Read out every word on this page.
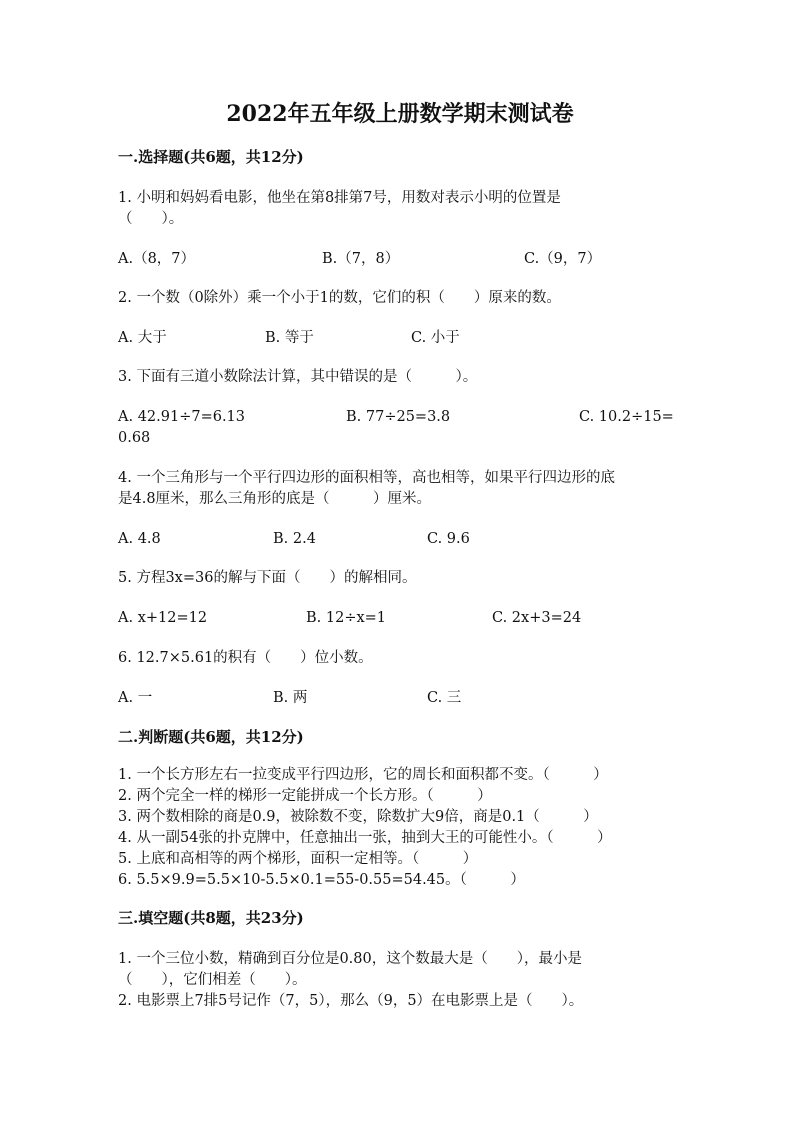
2022年五年级上册数学期末测试卷
一.选择题(共6题，共12分)
1. 小明和妈妈看电影，他坐在第8排第7号，用数对表示小明的位置是
（　　）。
A.（8，7）	B.（7，8）	C.（9，7）
2. 一个数（0除外）乘一个小于1的数，它们的积（　　）原来的数。
A. 大于	B. 等于	C. 小于
3. 下面有三道小数除法计算，其中错误的是（　　　）。
A. 42.91÷7=6.13	B. 77÷25=3.8	C. 10.2÷15=
0.68
4. 一个三角形与一个平行四边形的面积相等，高也相等，如果平行四边形的底
是4.8厘米，那么三角形的底是（　　　）厘米。
A. 4.8	B. 2.4	C. 9.6
5. 方程3x=36的解与下面（　　）的解相同。
A. x+12=12	B. 12÷x=1	C. 2x+3=24
6. 12.7×5.61的积有（　　）位小数。
A. 一	B. 两	C. 三
二.判断题(共6题，共12分)
1. 一个长方形左右一拉变成平行四边形，它的周长和面积都不变。（　　　）
2. 两个完全一样的梯形一定能拼成一个长方形。（　　　）
3. 两个数相除的商是0.9，被除数不变，除数扩大9倍，商是0.1（　　　）
4. 从一副54张的扑克牌中，任意抽出一张，抽到大王的可能性小。（　　　）
5. 上底和高相等的两个梯形，面积一定相等。（　　　）
6. 5.5×9.9=5.5×10-5.5×0.1=55-0.55=54.45。（　　　）
三.填空题(共8题，共23分)
1. 一个三位小数，精确到百分位是0.80，这个数最大是（　　），最小是
（　　），它们相差（　　）。
2. 电影票上7排5号记作（7，5），那么（9，5）在电影票上是（　　）。
